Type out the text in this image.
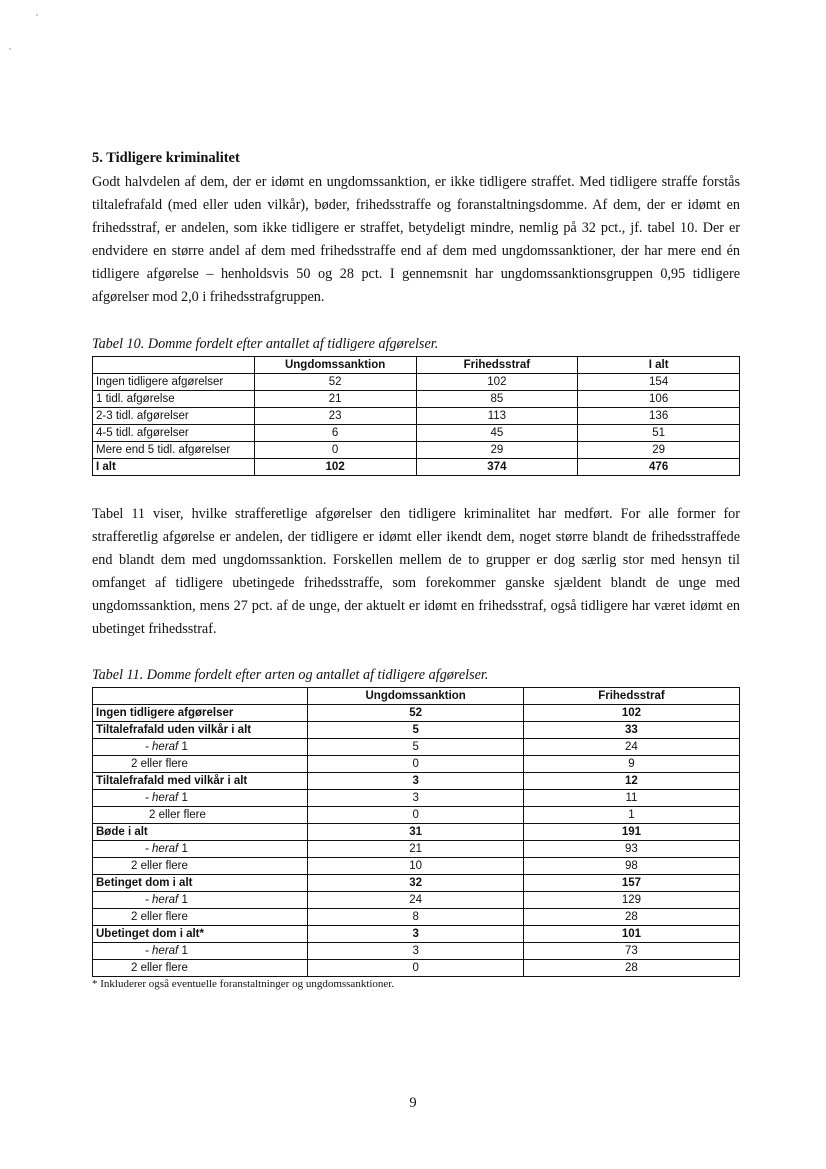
5. Tidligere kriminalitet

Godt halvdelen af dem, der er idømt en ungdomssanktion, er ikke tidligere straffet. Med tidligere straffe forstås tiltalefrafald (med eller uden vilkår), bøder, frihedsstraffe og foranstaltningsdomme. Af dem, der er idømt en frihedsstraf, er andelen, som ikke tidligere er straffet, betydeligt mindre, nemlig på 32 pct., jf. tabel 10. Der er endvidere en større andel af dem med frihedsstraffe end af dem med ungdomssanktioner, der har mere end én tidligere afgørelse – henholdsvis 50 og 28 pct. I gennemsnit har ungdomssanktionsgruppen 0,95 tidligere afgørelser mod 2,0 i frihedsstrafgruppen.

Tabel 10. Domme fordelt efter antallet af tidligere afgørelser.

	Ungdomssanktion	Frihedsstraf	I alt
Ingen tidligere afgørelser	52	102	154
1 tidl. afgørelse	21	85	106
2-3 tidl. afgørelser	23	113	136
4-5 tidl. afgørelser	6	45	51
Mere end 5 tidl. afgørelser	0	29	29
I alt	102	374	476

Tabel 11 viser, hvilke strafferetlige afgørelser den tidligere kriminalitet har medført. For alle former for strafferetlig afgørelse er andelen, der tidligere er idømt eller ikendt dem, noget større blandt de frihedsstraffede end blandt dem med ungdomssanktion. Forskellen mellem de to grupper er dog særlig stor med hensyn til omfanget af tidligere ubetingede frihedsstraffe, som forekommer ganske sjældent blandt de unge med ungdomssanktion, mens 27 pct. af de unge, der aktuelt er idømt en frihedsstraf, også tidligere har været idømt en ubetinget frihedsstraf.

Tabel 11. Domme fordelt efter arten og antallet af tidligere afgørelser.

	Ungdomssanktion	Frihedsstraf
Ingen tidligere afgørelser	52	102
Tiltalefrafald uden vilkår i alt	5	33
- heraf 1	5	24
2 eller flere	0	9
Tiltalefrafald med vilkår i alt	3	12
- heraf 1	3	11
2 eller flere	0	1
Bøde i alt	31	191
- heraf 1	21	93
2 eller flere	10	98
Betinget dom i alt	32	157
- heraf 1	24	129
2 eller flere	8	28
Ubetinget dom i alt*	3	101
- heraf 1	3	73
2 eller flere	0	28
* Inkluderer også eventuelle foranstaltninger og ungdomssanktioner.
9
